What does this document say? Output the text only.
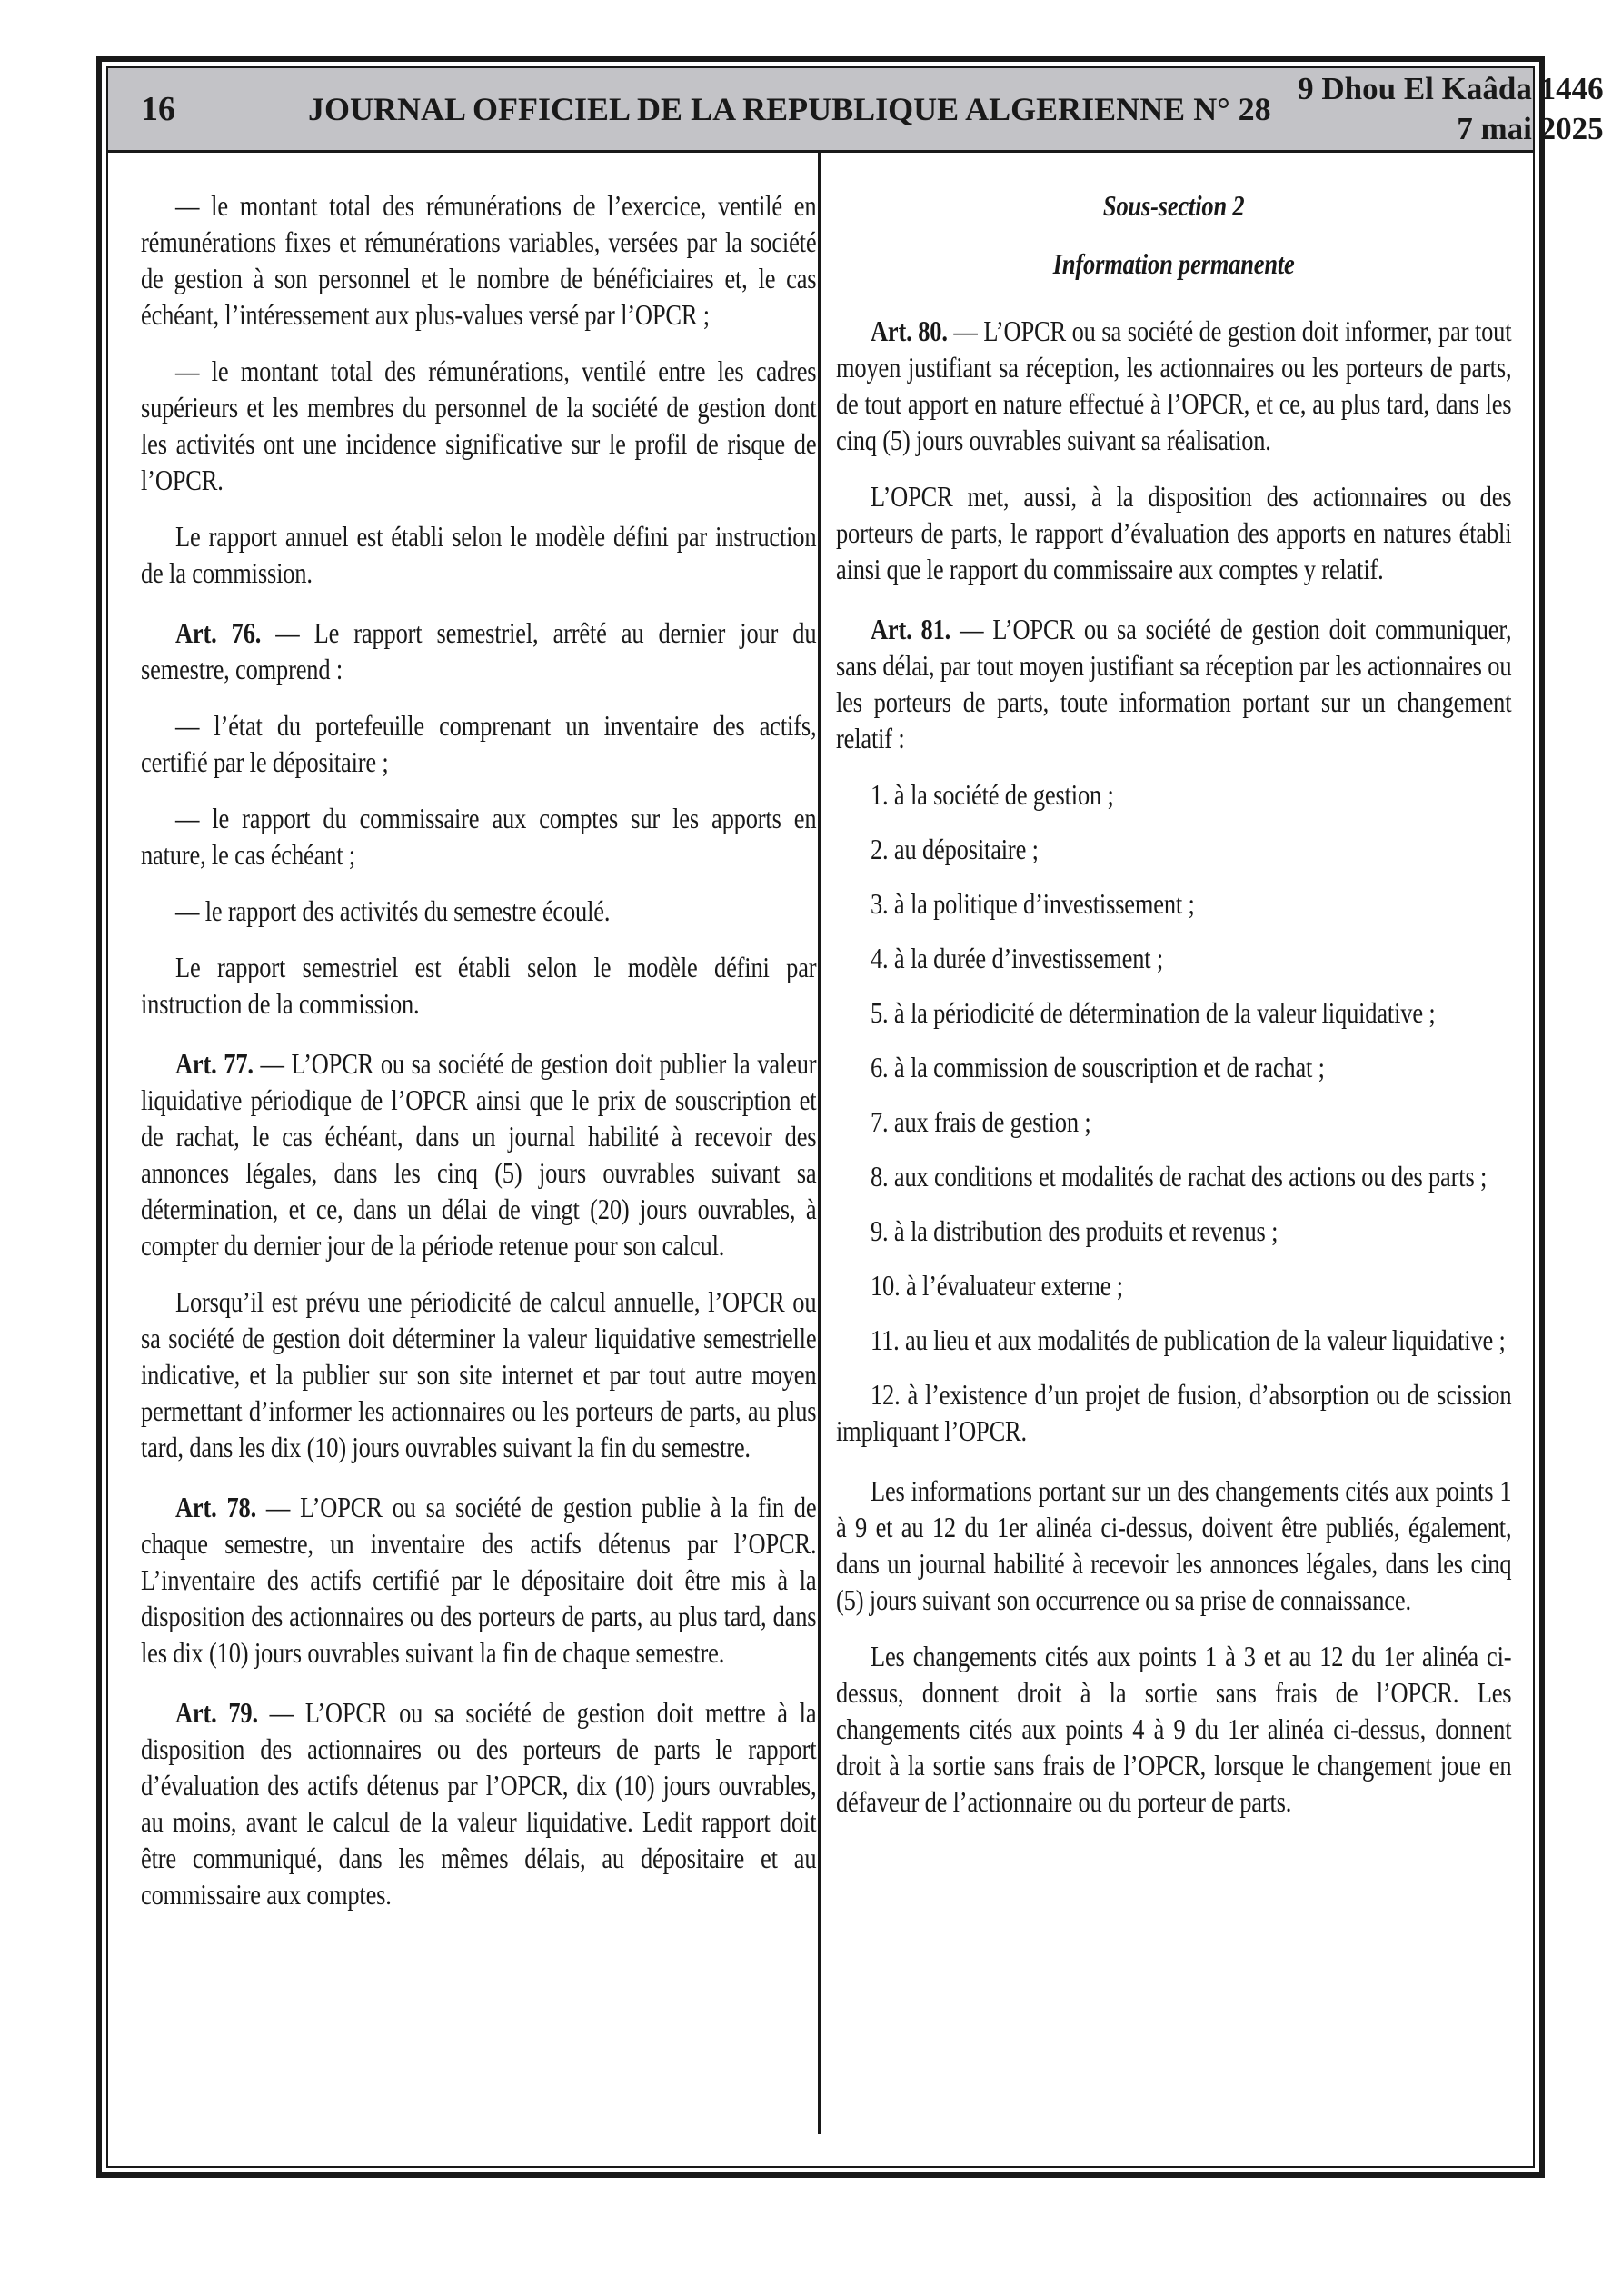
16	JOURNAL OFFICIEL DE LA REPUBLIQUE ALGERIENNE N° 28
9 Dhou El Kaâda 1446
7 mai 2025

— le montant total des rémunérations de l’exercice, ventilé en rémunérations fixes et rémunérations variables, versées par la société de gestion à son personnel et le nombre de bénéficiaires et, le cas échéant, l’intéressement aux plus-values versé par l’OPCR ;

— le montant total des rémunérations, ventilé entre les cadres supérieurs et les membres du personnel de la société de gestion dont les activités ont une incidence significative sur le profil de risque de l’OPCR.

Le rapport annuel est établi selon le modèle défini par instruction de la commission.

Art. 76. — Le rapport semestriel, arrêté au dernier jour du semestre, comprend :

— l’état du portefeuille comprenant un inventaire des actifs, certifié par le dépositaire ;

— le rapport du commissaire aux comptes sur les apports en nature, le cas échéant ;

— le rapport des activités du semestre écoulé.

Le rapport semestriel est établi selon le modèle défini par instruction de la commission.

Art. 77. — L’OPCR ou sa société de gestion doit publier la valeur liquidative périodique de l’OPCR ainsi que le prix de souscription et de rachat, le cas échéant, dans un journal habilité à recevoir des annonces légales, dans les cinq (5) jours ouvrables suivant sa détermination, et ce, dans un délai de vingt (20) jours ouvrables, à compter du dernier jour de la période retenue pour son calcul.

Lorsqu’il est prévu une périodicité de calcul annuelle, l’OPCR ou sa société de gestion doit déterminer la valeur liquidative semestrielle indicative, et la publier sur son site internet et par tout autre moyen permettant d’informer les actionnaires ou les porteurs de parts, au plus tard, dans les dix (10) jours ouvrables suivant la fin du semestre.

Art. 78. — L’OPCR ou sa société de gestion publie à la fin de chaque semestre, un inventaire des actifs détenus par l’OPCR. L’inventaire des actifs certifié par le dépositaire doit être mis à la disposition des actionnaires ou des porteurs de parts, au plus tard, dans les dix (10) jours ouvrables suivant la fin de chaque semestre.

Art. 79. — L’OPCR ou sa société de gestion doit mettre à la disposition des actionnaires ou des porteurs de parts le rapport d’évaluation des actifs détenus par l’OPCR, dix (10) jours ouvrables, au moins, avant le calcul de la valeur liquidative. Ledit rapport doit être communiqué, dans les mêmes délais, au dépositaire et au commissaire aux comptes.

Sous-section 2

Information permanente

Art. 80. — L’OPCR ou sa société de gestion doit informer, par tout moyen justifiant sa réception, les actionnaires ou les porteurs de parts, de tout apport en nature effectué à l’OPCR, et ce, au plus tard, dans les cinq (5) jours ouvrables suivant sa réalisation.

L’OPCR met, aussi, à la disposition des actionnaires ou des porteurs de parts, le rapport d’évaluation des apports en natures établi ainsi que le rapport du commissaire aux comptes y relatif.

Art. 81. — L’OPCR ou sa société de gestion doit communiquer, sans délai, par tout moyen justifiant sa réception par les actionnaires ou les porteurs de parts, toute information portant sur un changement relatif :

1. à la société de gestion ;

2. au dépositaire ;

3. à la politique d’investissement ;

4. à la durée d’investissement ;

5. à la périodicité de détermination de la valeur liquidative ;

6. à la commission de souscription et de rachat ;

7. aux frais de gestion ;

8. aux conditions et modalités de rachat des actions ou des parts ;

9. à la distribution des produits et revenus ;

10. à l’évaluateur externe ;

11. au lieu et aux modalités de publication de la valeur liquidative ;

12. à l’existence d’un projet de fusion, d’absorption ou de scission impliquant l’OPCR.

Les informations portant sur un des changements cités aux points 1 à 9 et au 12 du 1er alinéa ci-dessus, doivent être publiés, également, dans un journal habilité à recevoir les annonces légales, dans les cinq (5) jours suivant son occurrence ou sa prise de connaissance.

Les changements cités aux points 1 à 3 et au 12 du 1er alinéa ci-dessus, donnent droit à la sortie sans frais de l’OPCR. Les changements cités aux points 4 à 9 du 1er alinéa ci-dessus, donnent droit à la sortie sans frais de l’OPCR, lorsque le changement joue en défaveur de l’actionnaire ou du porteur de parts.
